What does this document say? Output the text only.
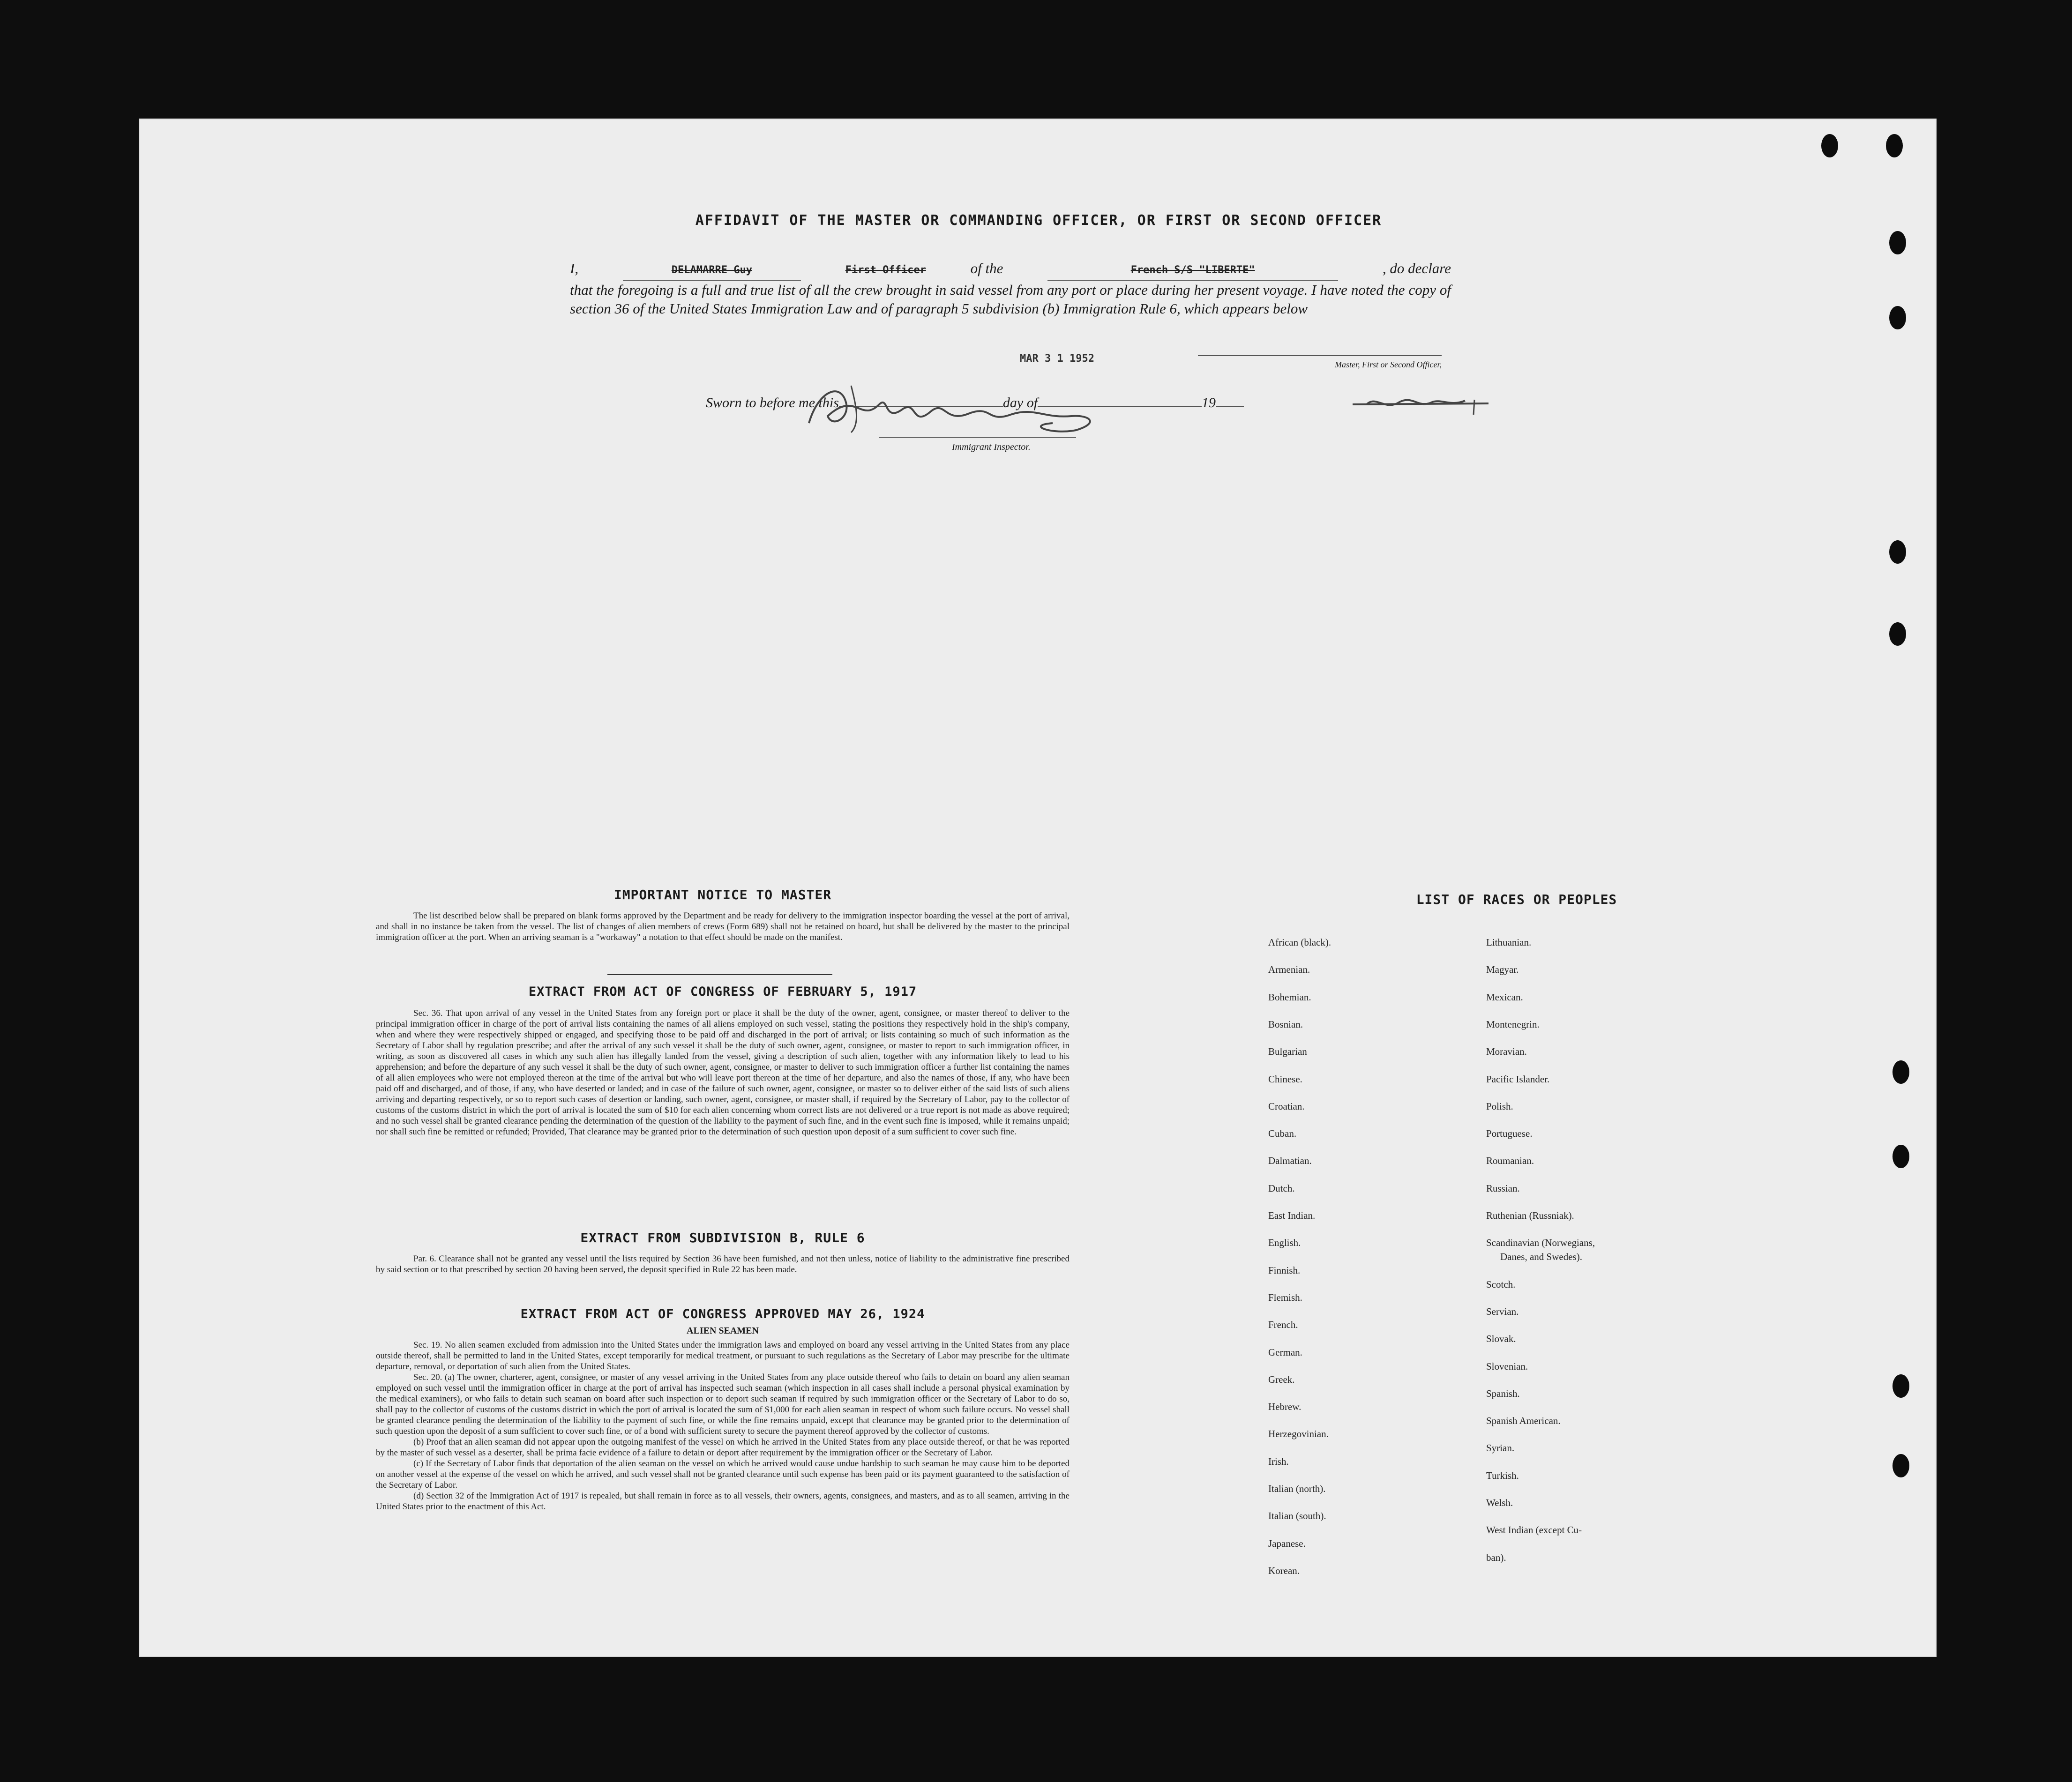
AFFIDAVIT OF THE MASTER OR COMMANDING OFFICER, OR FIRST OR SECOND OFFICER
I,	DELAMARRE Guy	First Officer	of the	French S/S "LIBERTE"	, do declare
that the foregoing is a full and true list of all the crew brought in said vessel from any port or place during her present voyage. I have noted the copy of section 36 of the United States Immigration Law and of paragraph 5 subdivision (b) Immigration Rule 6, which appears below
MAR 3 1 1952	Master, First or Second Officer,
Sworn to before me this	day of	19
Immigrant Inspector.
IMPORTANT NOTICE TO MASTER
The list described below shall be prepared on blank forms approved by the Department and be ready for delivery to the immigration inspector boarding the vessel at the port of arrival, and shall in no instance be taken from the vessel. The list of changes of alien members of crews (Form 689) shall not be retained on board, but shall be delivered by the master to the principal immigration officer at the port. When an arriving seaman is a "workaway" a notation to that effect should be made on the manifest.
EXTRACT FROM ACT OF CONGRESS OF FEBRUARY 5, 1917
Sec. 36. That upon arrival of any vessel in the United States from any foreign port or place it shall be the duty of the owner, agent, consignee, or master thereof to deliver to the principal immigration officer in charge of the port of arrival lists containing the names of all aliens employed on such vessel, stating the positions they respectively hold in the ship's company, when and where they were respectively shipped or engaged, and specifying those to be paid off and discharged in the port of arrival; or lists containing so much of such information as the Secretary of Labor shall by regulation prescribe; and after the arrival of any such vessel it shall be the duty of such owner, agent, consignee, or master to report to such immigration officer, in writing, as soon as discovered all cases in which any such alien has illegally landed from the vessel, giving a description of such alien, together with any information likely to lead to his apprehension; and before the departure of any such vessel it shall be the duty of such owner, agent, consignee, or master to deliver to such immigration officer a further list containing the names of all alien employees who were not employed thereon at the time of the arrival but who will leave port thereon at the time of her departure, and also the names of those, if any, who have been paid off and discharged, and of those, if any, who have deserted or landed; and in case of the failure of such owner, agent, consignee, or master so to deliver either of the said lists of such aliens arriving and departing respectively, or so to report such cases of desertion or landing, such owner, agent, consignee, or master shall, if required by the Secretary of Labor, pay to the collector of customs of the customs district in which the port of arrival is located the sum of $10 for each alien concerning whom correct lists are not delivered or a true report is not made as above required; and no such vessel shall be granted clearance pending the determination of the question of the liability to the payment of such fine, and in the event such fine is imposed, while it remains unpaid; nor shall such fine be remitted or refunded; Provided, That clearance may be granted prior to the determination of such question upon deposit of a sum sufficient to cover such fine.
EXTRACT FROM SUBDIVISION B, RULE 6
Par. 6. Clearance shall not be granted any vessel until the lists required by Section 36 have been furnished, and not then unless, notice of liability to the administrative fine prescribed by said section or to that prescribed by section 20 having been served, the deposit specified in Rule 22 has been made.
EXTRACT FROM ACT OF CONGRESS APPROVED MAY 26, 1924
ALIEN SEAMEN
Sec. 19. No alien seamen excluded from admission into the United States under the immigration laws and employed on board any vessel arriving in the United States from any place outside thereof, shall be permitted to land in the United States, except temporarily for medical treatment, or pursuant to such regulations as the Secretary of Labor may prescribe for the ultimate departure, removal, or deportation of such alien from the United States.
Sec. 20. (a) The owner, charterer, agent, consignee, or master of any vessel arriving in the United States from any place outside thereof who fails to detain on board any alien seaman employed on such vessel until the immigration officer in charge at the port of arrival has inspected such seaman (which inspection in all cases shall include a personal physical examination by the medical examiners), or who fails to detain such seaman on board after such inspection or to deport such seaman if required by such immigration officer or the Secretary of Labor to do so, shall pay to the collector of customs of the customs district in which the port of arrival is located the sum of $1,000 for each alien seaman in respect of whom such failure occurs. No vessel shall be granted clearance pending the determination of the liability to the payment of such fine, or while the fine remains unpaid, except that clearance may be granted prior to the determination of such question upon the deposit of a sum sufficient to cover such fine, or of a bond with sufficient surety to secure the payment thereof approved by the collector of customs.
(b) Proof that an alien seaman did not appear upon the outgoing manifest of the vessel on which he arrived in the United States from any place outside thereof, or that he was reported by the master of such vessel as a deserter, shall be prima facie evidence of a failure to detain or deport after requirement by the immigration officer or the Secretary of Labor.
(c) If the Secretary of Labor finds that deportation of the alien seaman on the vessel on which he arrived would cause undue hardship to such seaman he may cause him to be deported on another vessel at the expense of the vessel on which he arrived, and such vessel shall not be granted clearance until such expense has been paid or its payment guaranteed to the satisfaction of the Secretary of Labor.
(d) Section 32 of the Immigration Act of 1917 is repealed, but shall remain in force as to all vessels, their owners, agents, consignees, and masters, and as to all seamen, arriving in the United States prior to the enactment of this Act.
LIST OF RACES OR PEOPLES
African (black).
Armenian.
Bohemian.
Bosnian.
Bulgarian
Chinese.
Croatian.
Cuban.
Dalmatian.
Dutch.
East Indian.
English.
Finnish.
Flemish.
French.
German.
Greek.
Hebrew.
Herzegovinian.
Irish.
Italian (north).
Italian (south).
Japanese.
Korean.
Lithuanian.
Magyar.
Mexican.
Montenegrin.
Moravian.
Pacific Islander.
Polish.
Portuguese.
Roumanian.
Russian.
Ruthenian (Russniak).
Scandinavian (Norwegians,
Danes, and Swedes).
Scotch.
Servian.
Slovak.
Slovenian.
Spanish.
Spanish American.
Syrian.
Turkish.
Welsh.
West Indian (except Cu-
ban).
